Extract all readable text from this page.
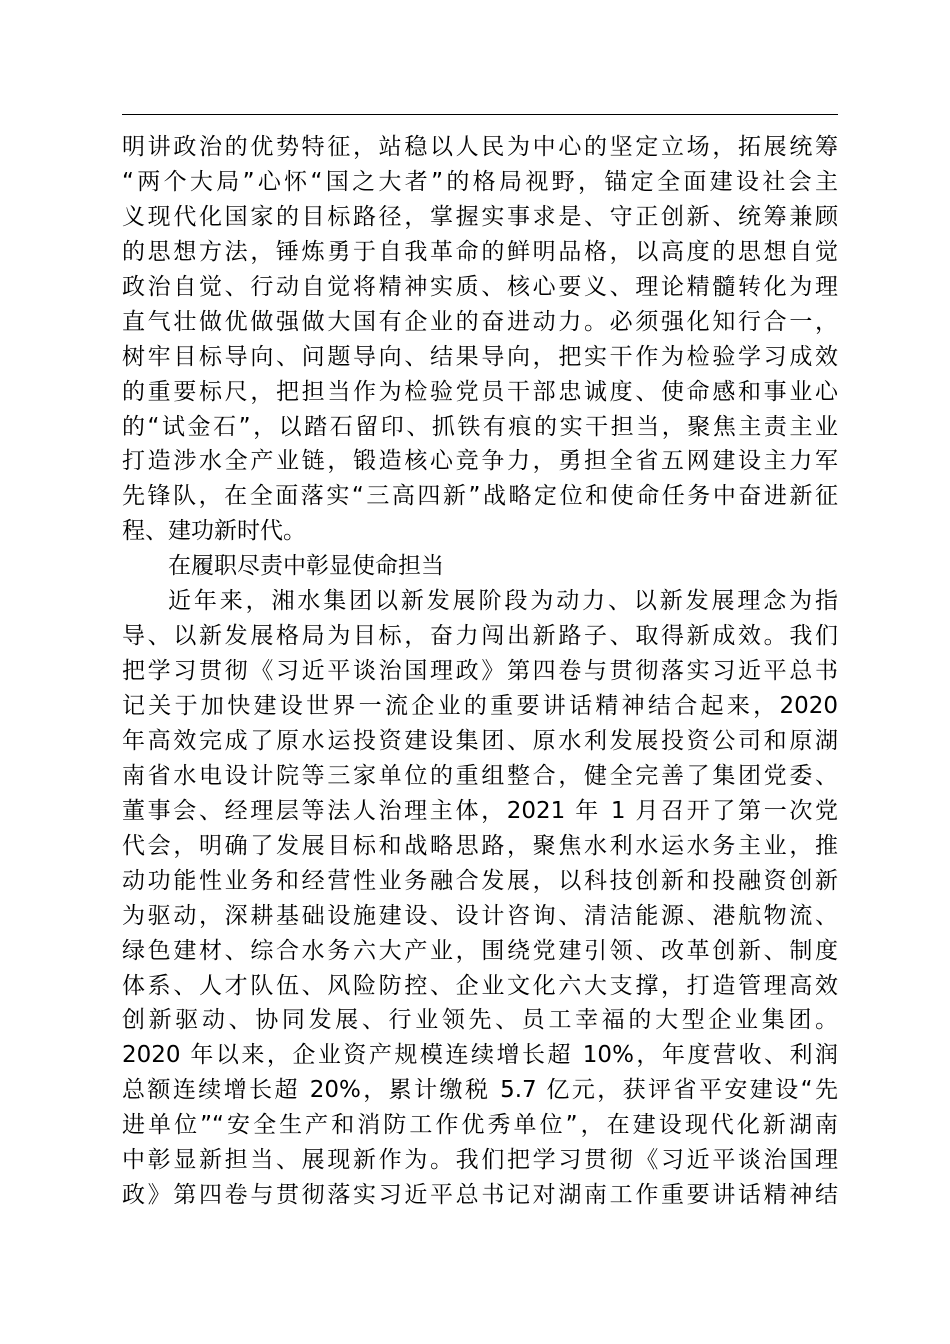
明讲政治的优势特征，站稳以人民为中心的坚定立场，拓展统筹
“两个大局”心怀“国之大者”的格局视野，锚定全面建设社会主
义现代化国家的目标路径，掌握实事求是、守正创新、统筹兼顾
的思想方法，锤炼勇于自我革命的鲜明品格，以高度的思想自觉
政治自觉、行动自觉将精神实质、核心要义、理论精髓转化为理
直气壮做优做强做大国有企业的奋进动力。必须强化知行合一，
树牢目标导向、问题导向、结果导向，把实干作为检验学习成效
的重要标尺，把担当作为检验党员干部忠诚度、使命感和事业心
的“试金石”，以踏石留印、抓铁有痕的实干担当，聚焦主责主业
打造涉水全产业链，锻造核心竞争力，勇担全省五网建设主力军
先锋队，在全面落实“三高四新”战略定位和使命任务中奋进新征
程、建功新时代。
在履职尽责中彰显使命担当
近年来，湘水集团以新发展阶段为动力、以新发展理念为指
导、以新发展格局为目标，奋力闯出新路子、取得新成效。我们
把学习贯彻《习近平谈治国理政》第四卷与贯彻落实习近平总书
记关于加快建设世界一流企业的重要讲话精神结合起来，2020
年高效完成了原水运投资建设集团、原水利发展投资公司和原湖
南省水电设计院等三家单位的重组整合，健全完善了集团党委、
董事会、经理层等法人治理主体，2021 年 1 月召开了第一次党
代会，明确了发展目标和战略思路，聚焦水利水运水务主业，推
动功能性业务和经营性业务融合发展，以科技创新和投融资创新
为驱动，深耕基础设施建设、设计咨询、清洁能源、港航物流、
绿色建材、综合水务六大产业，围绕党建引领、改革创新、制度
体系、人才队伍、风险防控、企业文化六大支撑，打造管理高效
创新驱动、协同发展、行业领先、员工幸福的大型企业集团。
2020 年以来，企业资产规模连续增长超 10%，年度营收、利润
总额连续增长超 20%，累计缴税 5.7 亿元，获评省平安建设“先
进单位”“安全生产和消防工作优秀单位”，在建设现代化新湖南
中彰显新担当、展现新作为。我们把学习贯彻《习近平谈治国理
政》第四卷与贯彻落实习近平总书记对湖南工作重要讲话精神结
